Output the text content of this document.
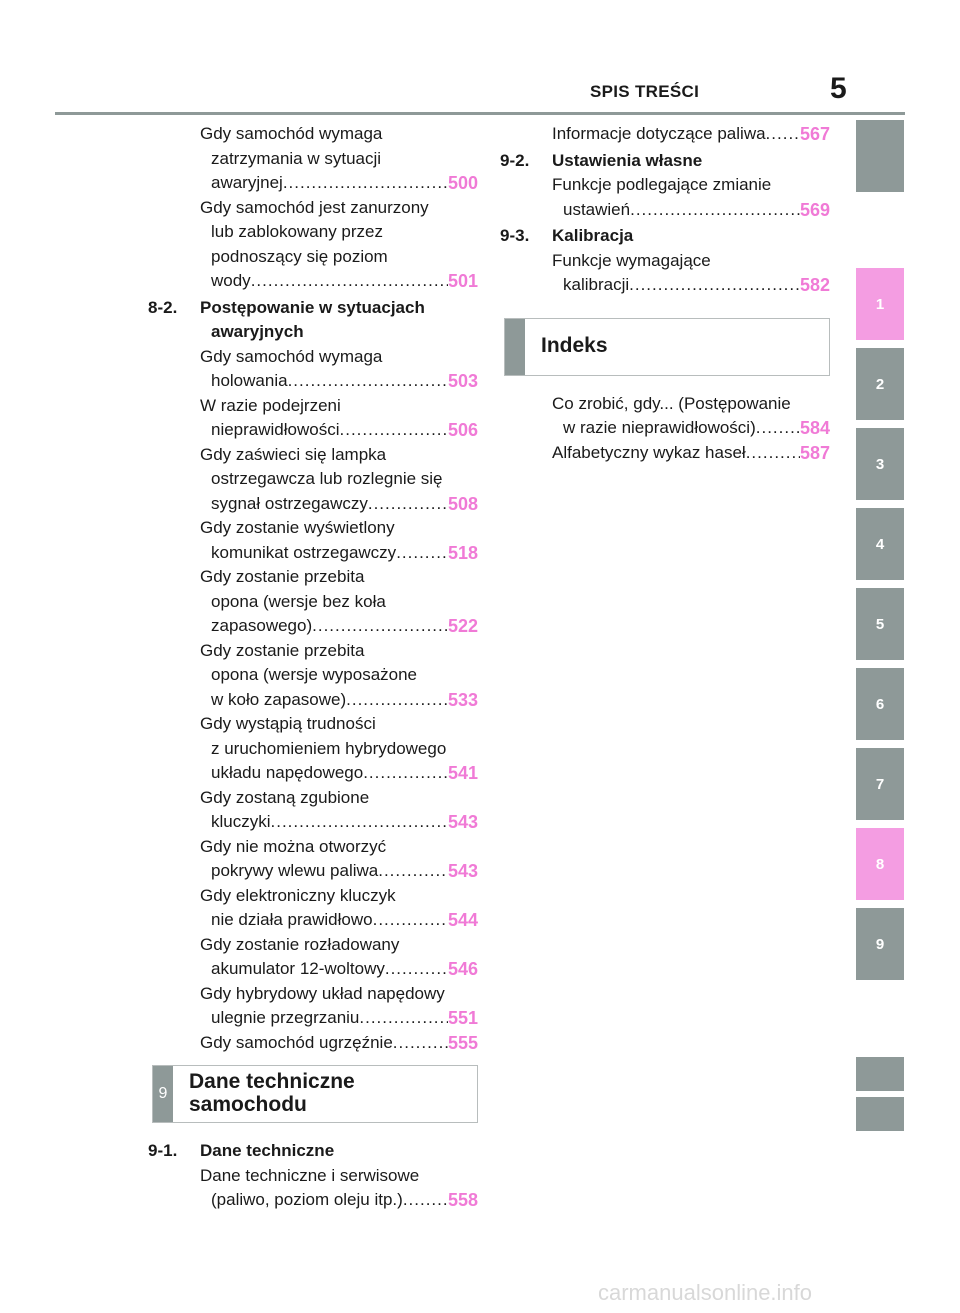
SPIS TREŚCI	5
Gdy samochód wymaga
zatrzymania w sytuacji
awaryjnej .....	500
Gdy samochód jest zanurzony
lub zablokowany przez
podnoszący się poziom
wody .....	501
8-2. Postępowanie w sytuacjach
awaryjnych
Gdy samochód wymaga
holowania .....	503
W razie podejrzeni
nieprawidłowości .....	506
Gdy zaświeci się lampka
ostrzegawcza lub rozlegnie się
sygnał ostrzegawczy .....	508
Gdy zostanie wyświetlony
komunikat ostrzegawczy .....	518
Gdy zostanie przebita
opona (wersje bez koła
zapasowego) .....	522
Gdy zostanie przebita
opona (wersje wyposażone
w koło zapasowe) .....	533
Gdy wystąpią trudności
z uruchomieniem hybrydowego
układu napędowego .....	541
Gdy zostaną zgubione
kluczyki .....	543
Gdy nie można otworzyć
pokrywy wlewu paliwa .....	543
Gdy elektroniczny kluczyk
nie działa prawidłowo .....	544
Gdy zostanie rozładowany
akumulator 12-woltowy .....	546
Gdy hybrydowy układ napędowy
ulegnie przegrzaniu .....	551
Gdy samochód ugrzęźnie .....	555
9
Dane techniczne
samochodu
9-1. Dane techniczne
Dane techniczne i serwisowe
(paliwo, poziom oleju itp.) .....	558
Informacje dotyczące paliwa ..... 567
9-2. Ustawienia własne
Funkcje podlegające zmianie
ustawień .....	569
9-3. Kalibracja
Funkcje wymagające
kalibracji .....	582
Indeks
Co zrobić, gdy... (Postępowanie
w razie nieprawidłowości) ..... 584
Alfabetyczny wykaz haseł .....	587
1
2
3
4
5
6
7
8
9
carmanualsonline.info
